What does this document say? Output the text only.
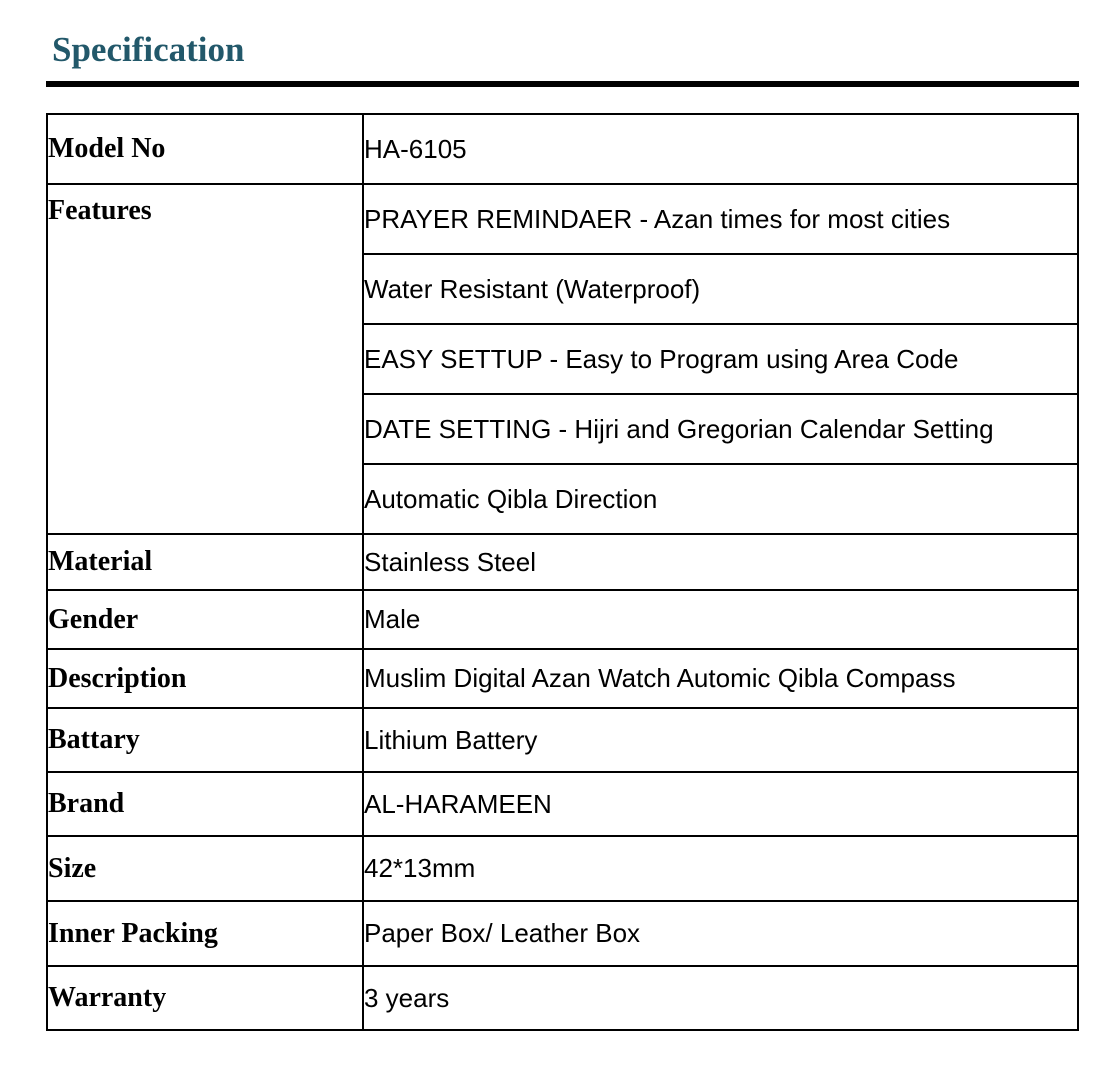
Specification
Model No	HA-6105
Features	PRAYER REMINDAER - Azan times for most cities
	Water Resistant (Waterproof)
	EASY SETTUP - Easy to Program using Area Code
	DATE SETTING - Hijri and Gregorian Calendar Setting
	Automatic Qibla Direction
Material	Stainless Steel
Gender	Male
Description	Muslim Digital Azan Watch Automic Qibla Compass
Battary	Lithium Battery
Brand	AL-HARAMEEN
Size	42*13mm
Inner Packing	Paper Box/ Leather Box
Warranty	3 years
